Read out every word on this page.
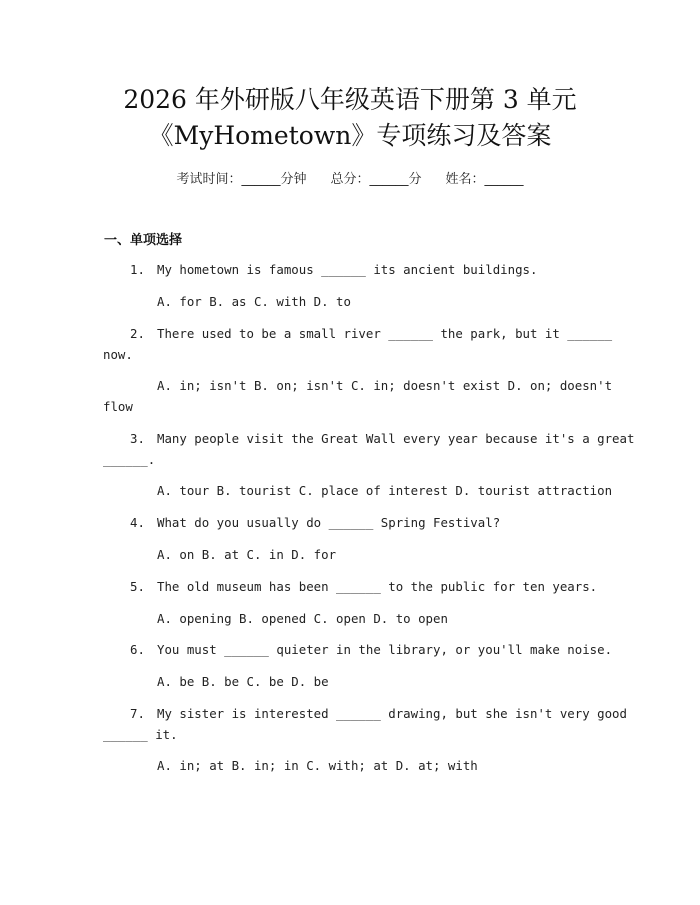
2026 年外研版八年级英语下册第 3 单元
《MyHometown》专项练习及答案
考试时间：______分钟 总分：______分 姓名：______
一、单项选择
1. My hometown is famous ______ its ancient buildings.
A. for B. as C. with D. to
2. There used to be a small river ______ the park, but it ______
now.
A. in; isn't B. on; isn't C. in; doesn't exist D. on; doesn't
flow
3. Many people visit the Great Wall every year because it's a great
______.
A. tour B. tourist C. place of interest D. tourist attraction
4. What do you usually do ______ Spring Festival?
A. on B. at C. in D. for
5. The old museum has been ______ to the public for ten years.
A. opening B. opened C. open D. to open
6. You must ______ quieter in the library, or you'll make noise.
A. be B. be C. be D. be
7. My sister is interested ______ drawing, but she isn't very good
______ it.
A. in; at B. in; in C. with; at D. at; with
